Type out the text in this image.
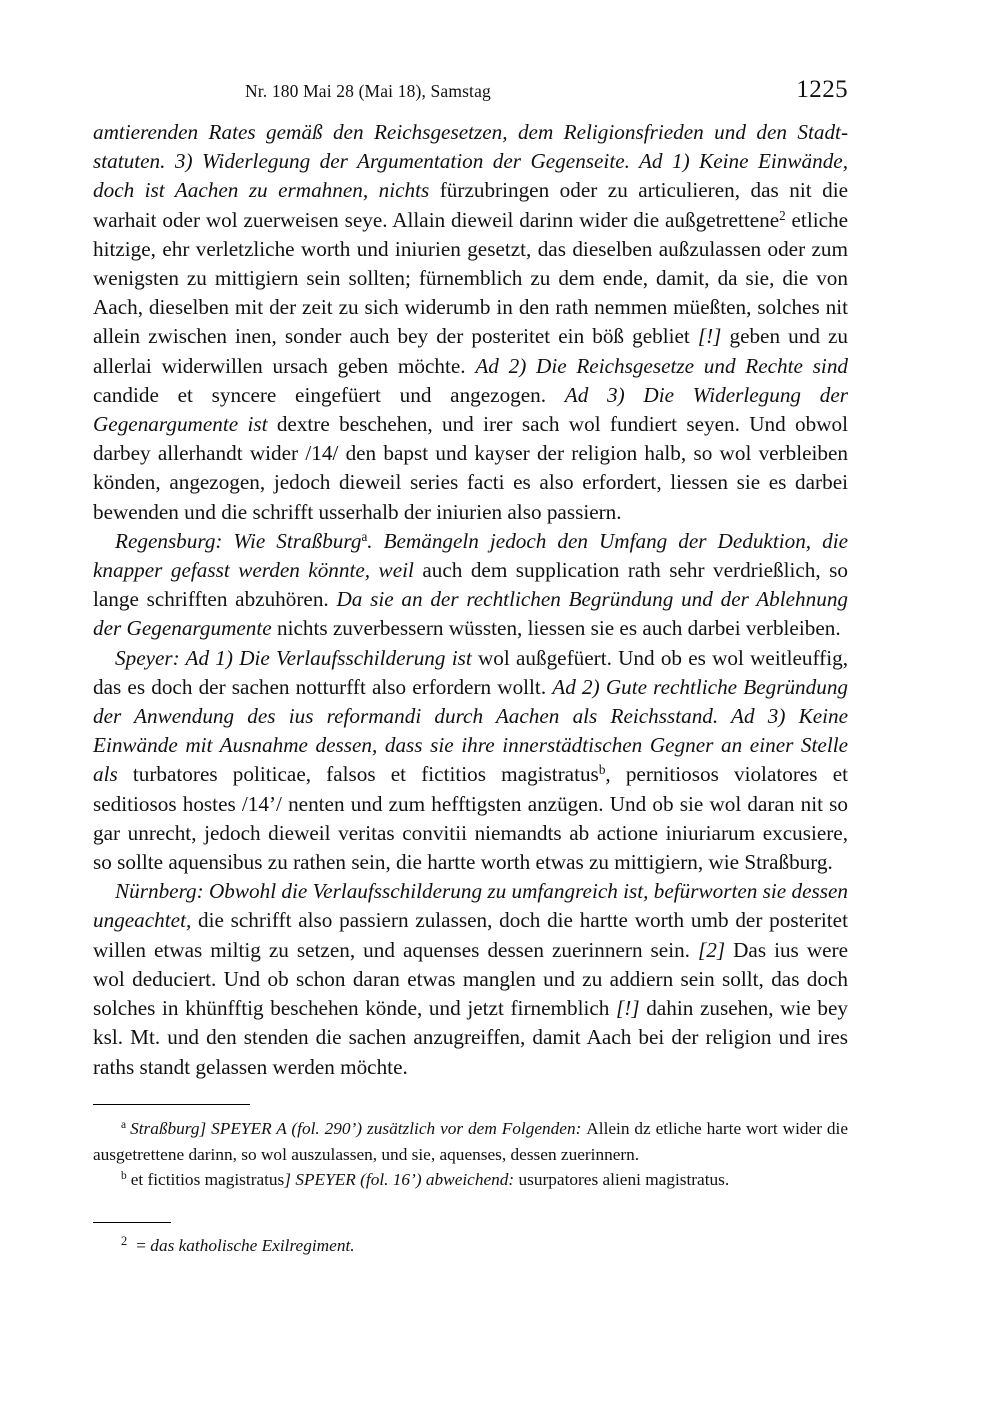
Nr. 180 Mai 28 (Mai 18), Samstag	1225

amtierenden Rates gemäß den Reichsgesetzen, dem Religionsfrieden und den Stadtstatuten. 3) Widerlegung der Argumentation der Gegenseite. Ad 1) Keine Einwände, doch ist Aachen zu ermahnen, nichts fürzubringen oder zu articulieren, das nit die warhait oder wol zuerweisen seye. Allain dieweil darinn wider die außgetrettene$^2$ etliche hitzige, ehr verletzliche worth und iniurien gesetzt, das dieselben außzulassen oder zum wenigsten zu mittigiern sein sollten; fürnemblich zu dem ende, damit, da sie, die von Aach, dieselben mit der zeit zu sich widerumb in den rath nemmen müeßten, solches nit allein zwischen inen, sonder auch bey der posteritet ein böß gebliet [!] geben und zu allerlai widerwillen ursach geben möchte. Ad 2) Die Reichsgesetze und Rechte sind candide et syncere eingefüert und angezogen. Ad 3) Die Widerlegung der Gegenargumente ist dextre beschehen, und irer sach wol fundiert seyen. Und obwol darbey allerhandt wider /14/ den bapst und kayser der religion halb, so wol verbleiben könden, angezogen, jedoch dieweil series facti es also erfordert, liessen sie es darbei bewenden und die schrifft usserhalb der iniurien also passiern.

Regensburg: Wie Straßburg$^a$. Bemängeln jedoch den Umfang der Deduktion, die knapper gefasst werden könnte, weil auch dem supplication rath sehr verdrießlich, so lange schrifften abzuhören. Da sie an der rechtlichen Begründung und der Ablehnung der Gegenargumente nichts zuverbessern wüssten, liessen sie es auch darbei verbleiben.

Speyer: Ad 1) Die Verlaufsschilderung ist wol außgefüert. Und ob es wol weitleuffig, das es doch der sachen notturfft also erfordern wollt. Ad 2) Gute rechtliche Begründung der Anwendung des ius reformandi durch Aachen als Reichsstand. Ad 3) Keine Einwände mit Ausnahme dessen, dass sie ihre innerstädtischen Gegner an einer Stelle als turbatores politicae, falsos et fictitios magistratus$^b$, pernitiosos violatores et seditiosos hostes /14’/ nenten und zum hefftigsten anzügen. Und ob sie wol daran nit so gar unrecht, jedoch dieweil veritas convitii niemandts ab actione iniuriarum excusiere, so sollte aquensibus zu rathen sein, die hartte worth etwas zu mittigiern, wie Straßburg.

Nürnberg: Obwohl die Verlaufsschilderung zu umfangreich ist, befürworten sie dessen ungeachtet, die schrifft also passiern zulassen, doch die hartte worth umb der posteritet willen etwas miltig zu setzen, und aquenses dessen zuerinnern sein. [2] Das ius were wol deduciert. Und ob schon daran etwas manglen und zu addiern sein sollt, das doch solches in khünfftig beschehen könde, und jetzt firnemblich [!] dahin zusehen, wie bey ksl. Mt. und den stenden die sachen anzugreiffen, damit Aach bei der religion und ires raths standt gelassen werden möchte.

$^a$ Straßburg] SPEYER A (fol. 290’) zusätzlich vor dem Folgenden: Allein dz etliche harte wort wider die ausgetrettene darinn, so wol auszulassen, und sie, aquenses, dessen zuerinnern.

$^b$ et fictitios magistratus] SPEYER (fol. 16’) abweichend: usurpatores alieni magistratus.

$^2$ = das katholische Exilregiment.
